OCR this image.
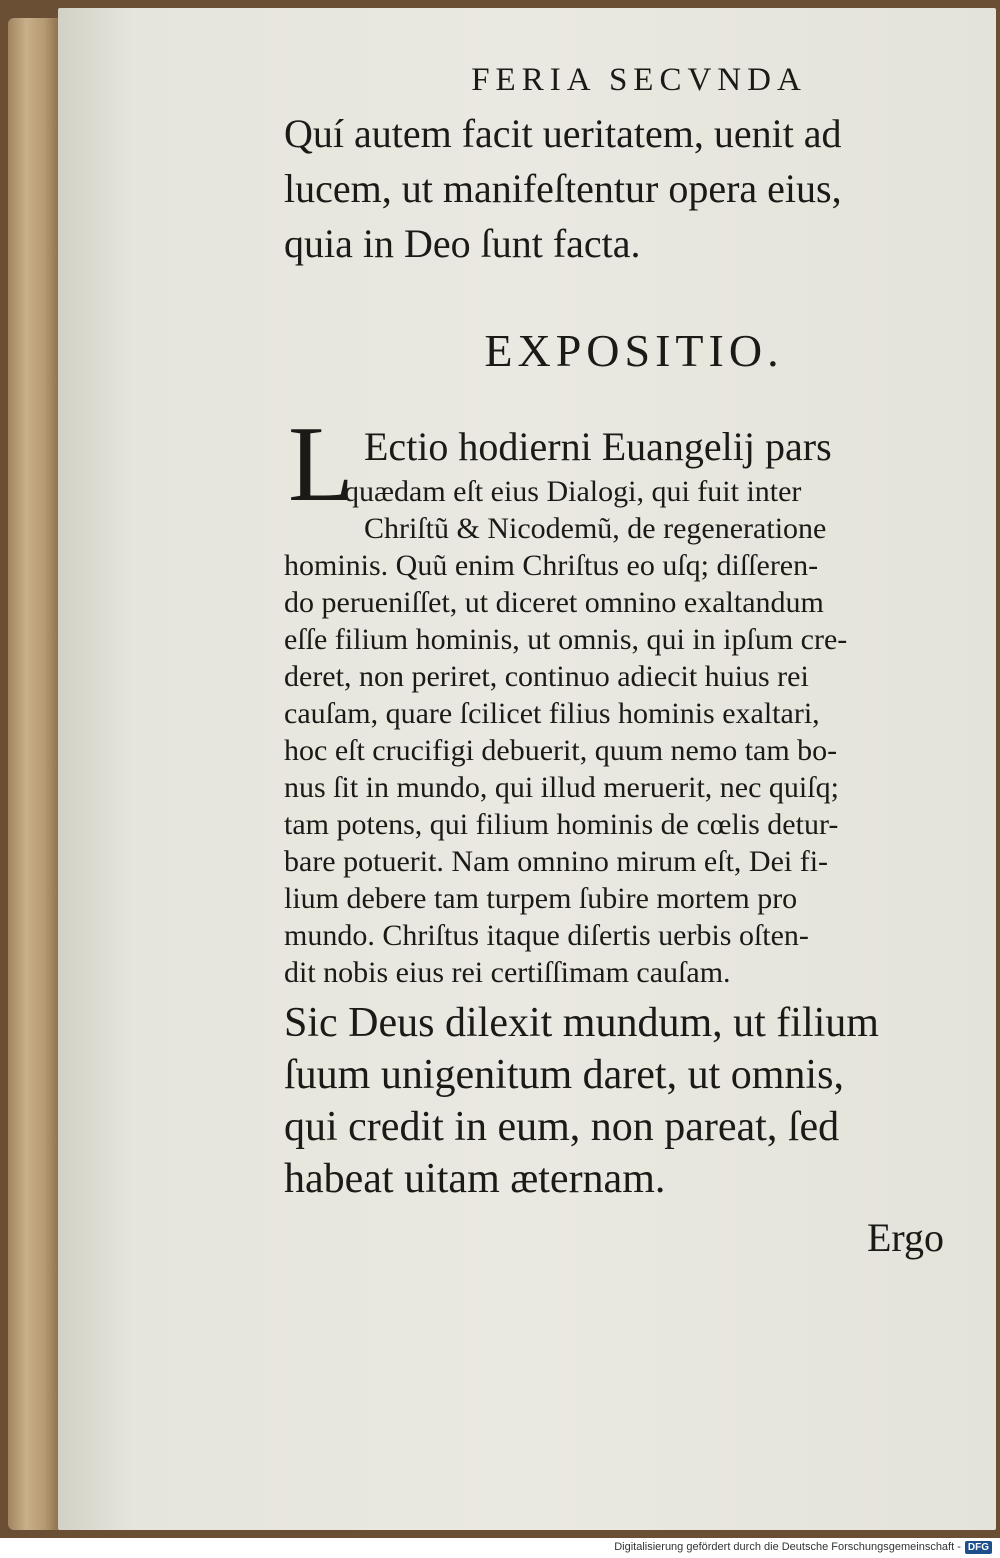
FERIA SECVNDA
Quí autem facit ueritatem, uenit ad
lucem, ut manifeſtentur opera eius,
quia in Deo ſunt facta.
EXPOSITIO.
L Ectio hodierni Euangelij pars
quædam eſt eius Dialogi, qui fuit inter
Chriſtũ & Nicodemũ, de regeneratione
hominis. Quũ enim Chriſtus eo uſq; diſſeren-
do perueniſſet, ut diceret omnino exaltandum
eſſe filium hominis, ut omnis, qui in ipſum cre-
deret, non periret, continuo adiecit huius rei
cauſam, quare ſcilicet filius hominis exaltari,
hoc eſt crucifigi debuerit, quum nemo tam bo-
nus ſit in mundo, qui illud meruerit, nec quiſq;
tam potens, qui filium hominis de cœlis detur-
bare potuerit. Nam omnino mirum eſt, Dei fi-
lium debere tam turpem ſubire mortem pro
mundo. Chriſtus itaque diſertis uerbis oſten-
dit nobis eius rei certiſſimam cauſam.
Sic Deus dilexit mundum, ut filium
ſuum unigenitum daret, ut omnis,
qui credit in eum, non pareat, ſed
habeat uitam æternam.
Ergo
Digitalisierung gefördert durch die Deutsche Forschungsgemeinschaft - DFG
